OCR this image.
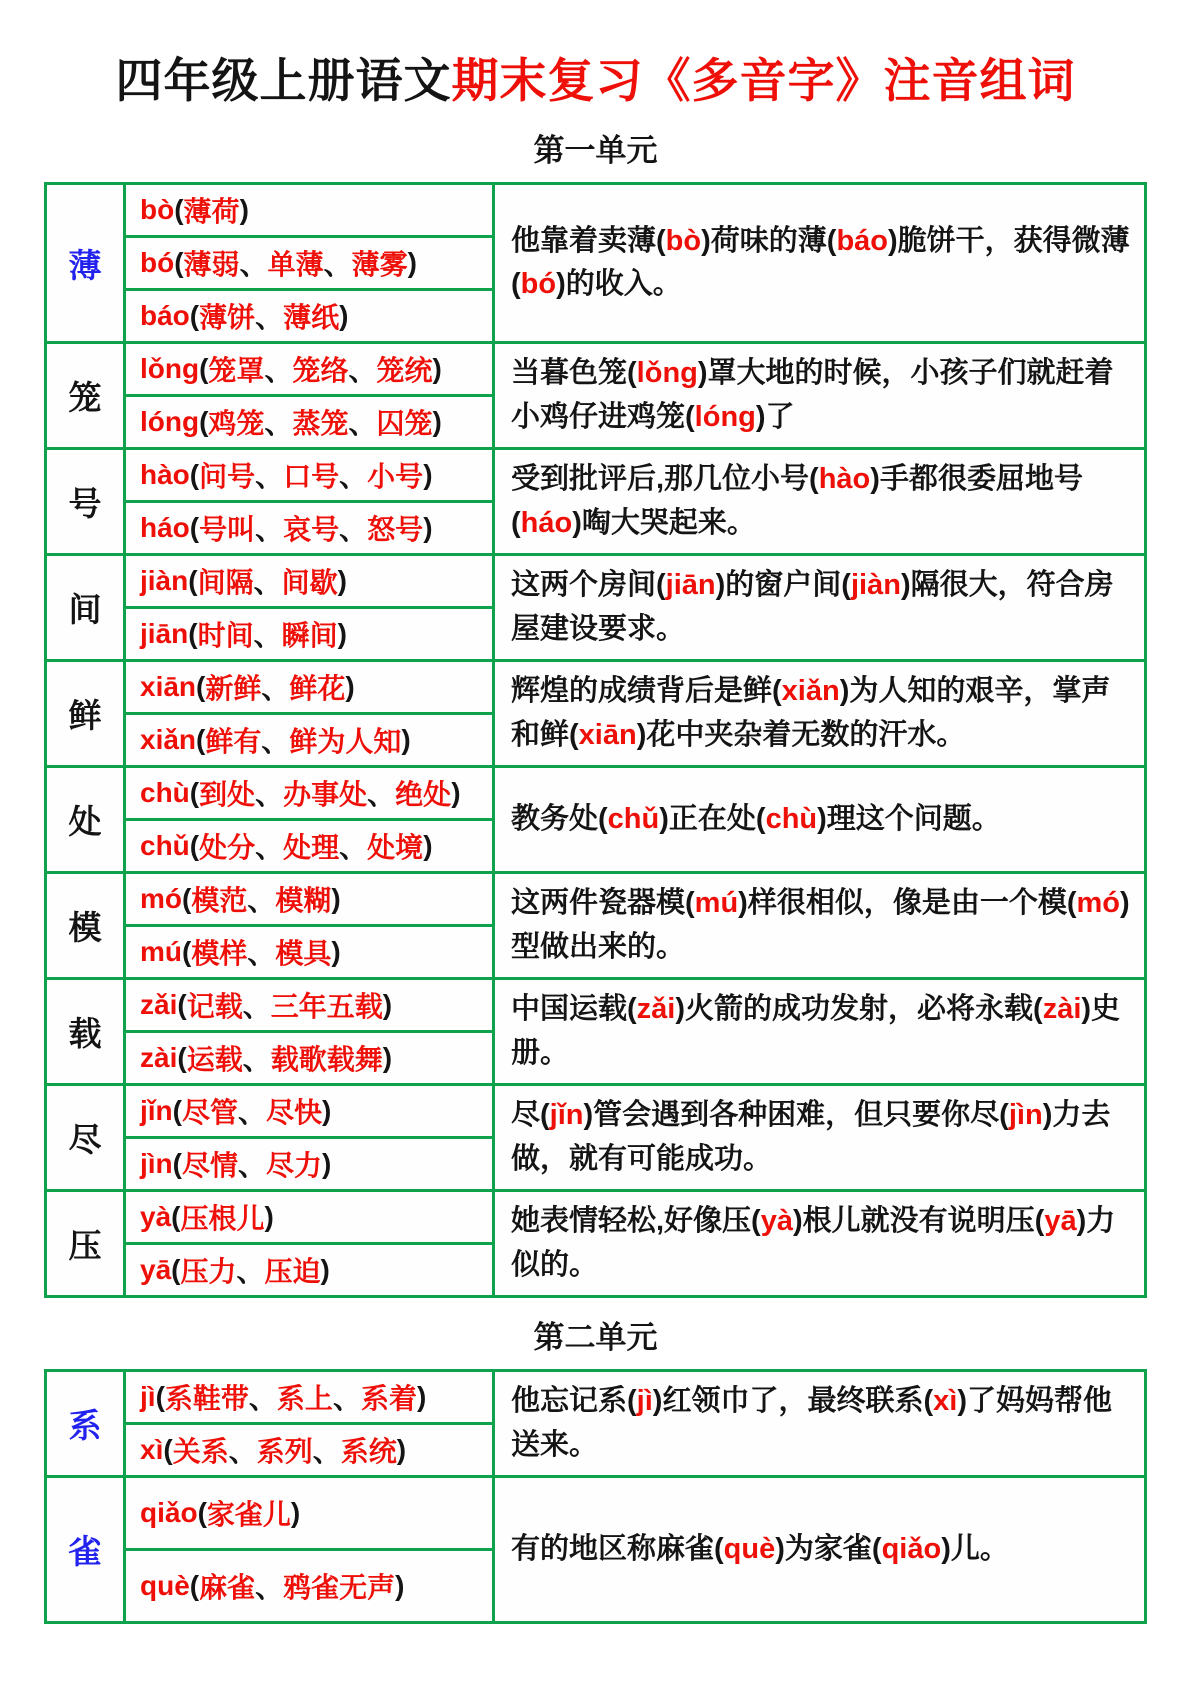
四年级上册语文期末复习《多音字》注音组词
第一单元
薄
bò ( 薄荷 )
bó ( 薄弱 、 单薄 、 薄雾 )
báo ( 薄饼 、 薄纸 )
他靠着卖薄(bò)荷味的薄(báo)脆饼干，获得微薄(bó)的收入。
笼
lǒng ( 笼罩 、 笼络 、 笼统 )
lóng ( 鸡笼 、 蒸笼 、 囚笼 )
当暮色笼(lǒng)罩大地的时候，小孩子们就赶着小鸡仔进鸡笼(lóng)了
号
hào ( 问号 、 口号 、 小号 )
háo ( 号叫 、 哀号 、 怒号 )
受到批评后,那几位小号(hào)手都很委屈地号(háo)啕大哭起来。
间
jiàn ( 间隔 、 间歇 )
jiān ( 时间 、 瞬间 )
这两个房间(jiān)的窗户间(jiàn)隔很大，符合房屋建设要求。
鲜
xiān ( 新鲜 、 鲜花 )
xiǎn ( 鲜有 、 鲜为人知 )
辉煌的成绩背后是鲜(xiǎn)为人知的艰辛，掌声和鲜(xiān)花中夹杂着无数的汗水。
处
chù ( 到处 、 办事处 、 绝处 )
chǔ ( 处分 、 处理 、 处境 )
教务处(chǔ)正在处(chù)理这个问题。
模
mó ( 模范 、 模糊 )
mú ( 模样 、 模具 )
这两件瓷器模(mú)样很相似，像是由一个模(mó)型做出来的。
载
zǎi ( 记载 、 三年五载 )
zài ( 运载 、 载歌载舞 )
中国运载(zǎi)火箭的成功发射，必将永载(zài)史册。
尽
jǐn ( 尽管 、 尽快 )
jìn ( 尽情 、 尽力 )
尽(jǐn)管会遇到各种困难，但只要你尽(jìn)力去做，就有可能成功。
压
yà ( 压根儿 )
yā ( 压力 、 压迫 )
她表情轻松,好像压(yà)根儿就没有说明压(yā)力似的。
第二单元
系
jì ( 系鞋带 、 系上 、 系着 )
xì ( 关系 、 系列 、 系统 )
他忘记系(jì)红领巾了，最终联系(xì)了妈妈帮他送来。
雀
qiǎo ( 家雀儿 )
què ( 麻雀 、 鸦雀无声 )
有的地区称麻雀(què)为家雀(qiǎo)儿。
